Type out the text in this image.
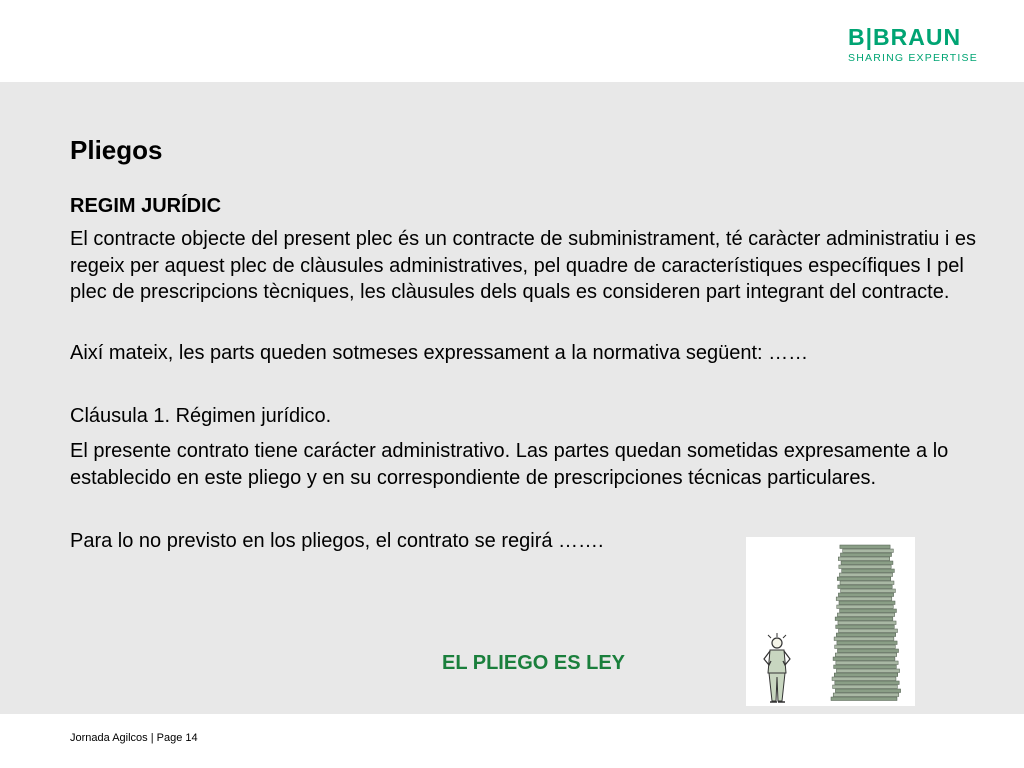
B|BRAUN
SHARING EXPERTISE
Pliegos
REGIM JURÍDIC

El contracte objecte del present plec és un contracte de subministrament, té caràcter administratiu i es regeix per aquest plec de clàusules administratives, pel quadre de característiques específiques I pel plec de prescripcions tècniques, les clàusules dels quals es consideren part integrant del contracte.

Així mateix, les parts queden sotmeses expressament a la normativa següent: ……

Cláusula 1. Régimen jurídico.

El presente contrato tiene carácter administrativo. Las partes quedan sometidas expresamente a lo establecido en este pliego y en su correspondiente de prescripciones técnicas particulares.

Para lo no previsto en los pliegos, el contrato se regirá …….

EL PLIEGO ES LEY
Jornada Agilcos | Page 14
